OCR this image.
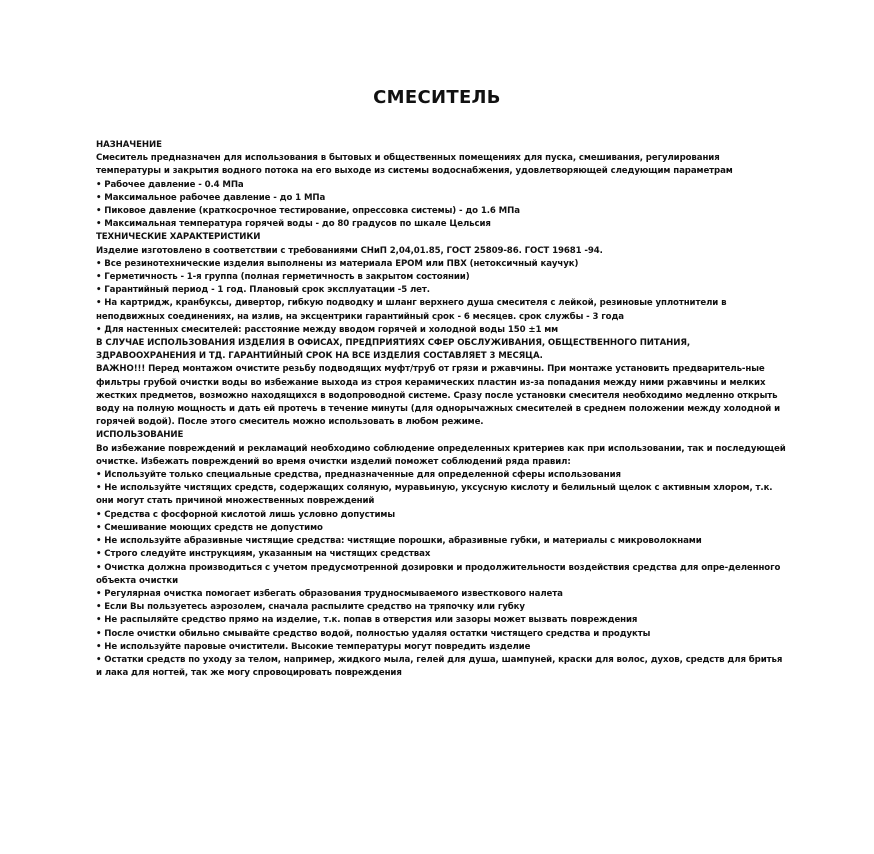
СМЕСИТЕЛЬ
НАЗНАЧЕНИЕ
Смеситель предназначен для использования в бытовых и общественных помещениях для пуска, смешивания, регулирования температуры и закрытия водного потока на его выходе из системы водоснабжения, удовлетворяющей следующим параметрам
• Рабочее давление - 0.4 МПа
• Максимальное рабочее давление - до 1 МПа
• Пиковое давление (краткосрочное тестирование, опрессовка системы) - до 1.6 МПа
• Максимальная температура горячей воды - до 80 градусов по шкале Цельсия
ТЕХНИЧЕСКИЕ ХАРАКТЕРИСТИКИ
Изделие изготовлено в соответствии с требованиями СНиП 2,04,01.85, ГОСТ 25809-86. ГОСТ 19681 -94.
• Все резинотехнические изделия выполнены из материала EPOM или ПВХ (нетоксичный каучук)
• Герметичность - 1-я группа (полная герметичность в закрытом состоянии)
• Гарантийный период - 1 год. Плановый срок эксплуатации -5 лет.
• На картридж, кранбуксы, дивертор, гибкую подводку и шланг верхнего душа смесителя с лейкой, резиновые уплотнители в неподвижных соединениях, на излив, на эксцентрики гарантийный срок - 6 месяцев. срок службы - 3 года
• Для настенных смесителей: расстояние между вводом горячей и холодной воды 150 ±1 мм
В СЛУЧАЕ ИСПОЛЬЗОВАНИЯ ИЗДЕЛИЯ В ОФИСАХ, ПРЕДПРИЯТИЯХ СФЕР ОБСЛУЖИВАНИЯ, ОБЩЕСТВЕННОГО ПИТАНИЯ, ЗДРАВООХРАНЕНИЯ И ТД. ГАРАНТИЙНЫЙ СРОК НА ВСЕ ИЗДЕЛИЯ СОСТАВЛЯЕТ 3 МЕСЯЦА.
ВАЖНО!!! Перед монтажом очистите резьбу подводящих муфт/труб от грязи и ржавчины. При монтаже установить предваритель-ные фильтры грубой очистки воды во избежание выхода из строя керамических пластин из-за попадания между ними ржавчины и мелких жестких предметов, возможно находящихся в водопроводной системе. Сразу после установки смесителя необходимо медленно открыть воду на полную мощность и дать ей протечь в течение минуты (для однорычажных смесителей в среднем положении между холодной и горячей водой). После этого смеситель можно использовать в любом режиме.
ИСПОЛЬЗОВАНИЕ
Во избежание повреждений и рекламаций необходимо соблюдение определенных критериев как при использовании, так и последующей очистке. Избежать повреждений во время очистки изделий поможет соблюдений ряда правил:
• Используйте только специальные средства, предназначенные для определенной сферы использования
• Не используйте чистящих средств, содержащих соляную, муравьиную, уксусную кислоту и белильный щелок с активным хлором, т.к. они могут стать причиной множественных повреждений
• Средства с фосфорной кислотой лишь условно допустимы
• Смешивание моющих средств не допустимо
• Не используйте абразивные чистящие средства: чистящие порошки, абразивные губки, и материалы с микроволокнами
• Строго следуйте инструкциям, указанным на чистящих средствах
• Очистка должна производиться с учетом предусмотренной дозировки и продолжительности воздействия средства для опре-деленного объекта очистки
• Регулярная очистка помогает избегать образования трудносмываемого известкового налета
• Если Вы пользуетесь аэрозолем, сначала распылите средство на тряпочку или губку
• Не распыляйте средство прямо на изделие, т.к. попав в отверстия или зазоры может вызвать повреждения
• После очистки обильно смывайте средство водой, полностью удаляя остатки чистящего средства и продукты
• Не используйте паровые очистители. Высокие температуры могут повредить изделие
• Остатки средств по уходу за телом, например, жидкого мыла, гелей для душа, шампуней, краски для волос, духов, средств для бритья и лака для ногтей, так же могу спровоцировать повреждения
